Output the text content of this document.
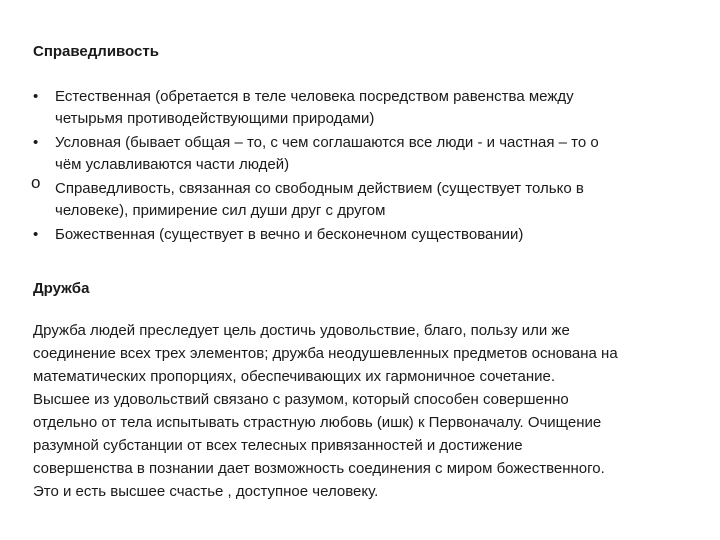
Справедливость
• Естественная (обретается в теле человека посредством равенства между
четырьмя противодействующими природами)
• Условная (бывает общая – то, с чем соглашаются все люди - и частная – то о
чём уславливаются части людей)
o Справедливость, связанная со свободным действием (существует только в
человеке), примирение сил души друг с другом
• Божественная (существует в вечно и бесконечном существовании)
Дружба
Дружба людей преследует цель достичь удовольствие, благо, пользу или же
соединение всех трех элементов; дружба неодушевленных предметов основана на
математических пропорциях, обеспечивающих их гармоничное сочетание.
Высшее из удовольствий связано с разумом, который способен совершенно
отдельно от тела испытывать страстную любовь (ишк) к Первоначалу. Очищение
разумной субстанции от всех телесных привязанностей и достижение
совершенства в познании дает возможность соединения с миром божественного.
Это и есть высшее счастье , доступное человеку.
